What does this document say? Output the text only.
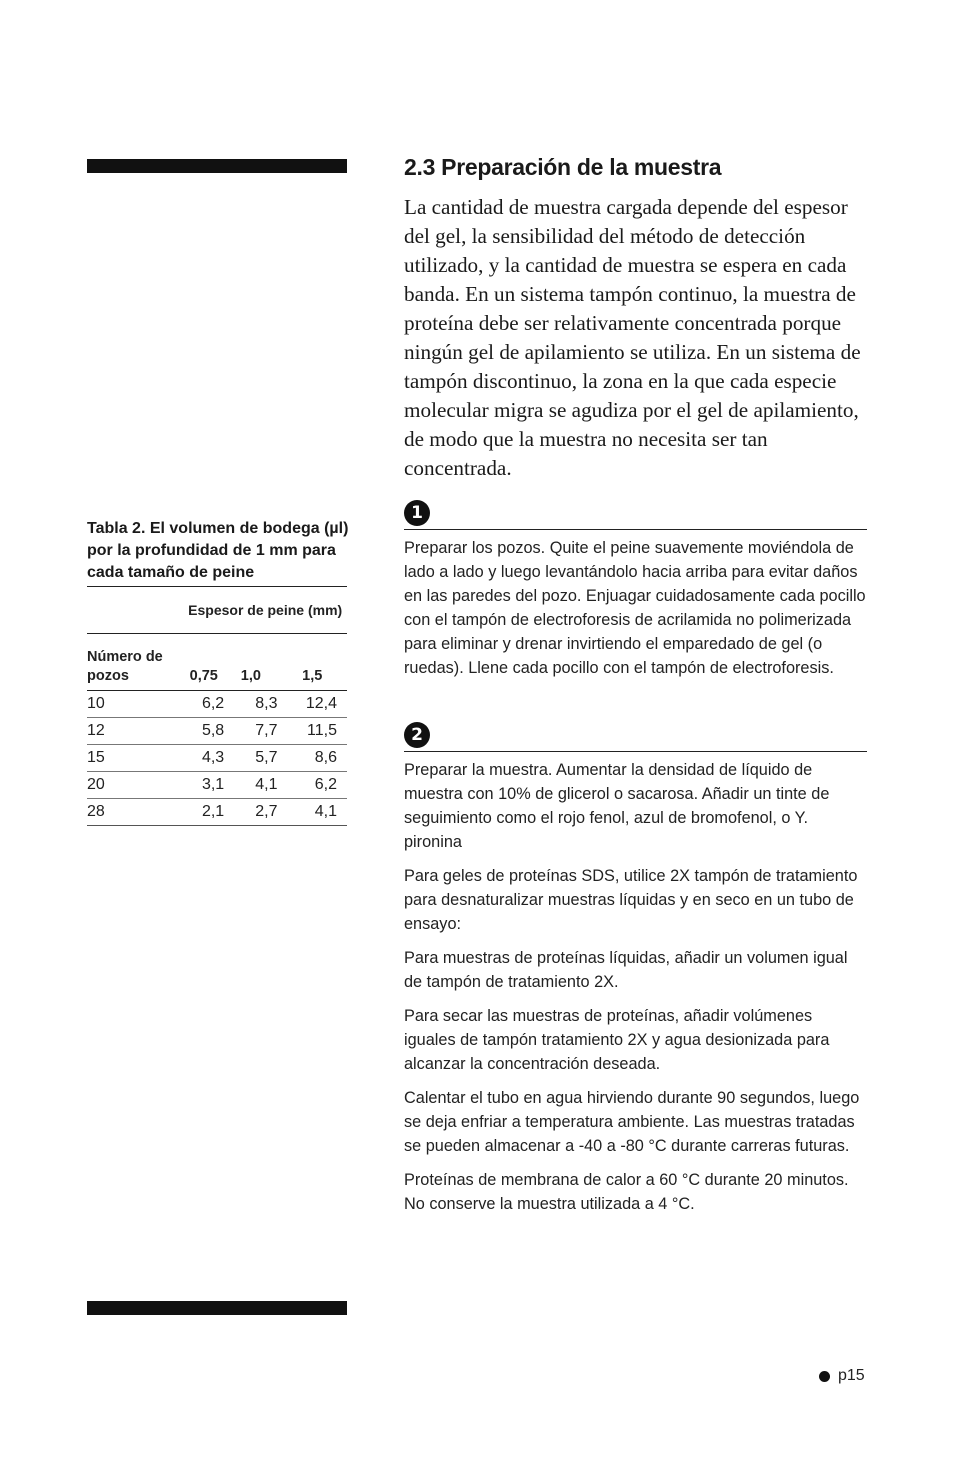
2.3 Preparación de la muestra

La cantidad de muestra cargada depende del espesor del gel, la sensibilidad del método de detección utilizado, y la cantidad de muestra se espera en cada banda. En un sistema tampón continuo, la muestra de proteína debe ser relativamente concentrada porque ningún gel de apilamiento se utiliza. En un sistema de tampón discontinuo, la zona en la que cada especie molecular migra se agudiza por el gel de apilamiento, de modo que la muestra no necesita ser tan concentrada.

1

Preparar los pozos. Quite el peine suavemente moviéndola de lado a lado y luego levantándolo hacia arriba para evitar daños en las paredes del pozo. Enjuagar cuidadosamente cada pocillo con el tampón de electroforesis de acrilamida no polimerizada para eliminar y drenar invirtiendo el emparedado de gel (o ruedas). Llene cada pocillo con el tampón de electroforesis.

2

Preparar la muestra. Aumentar la densidad de líquido de muestra con 10% de glicerol o sacarosa. Añadir un tinte de seguimiento como el rojo fenol, azul de bromofenol, o Y. pironina

Para geles de proteínas SDS, utilice 2X tampón de tratamiento para desnaturalizar muestras líquidas y en seco en un tubo de ensayo:

Para muestras de proteínas líquidas, añadir un volumen igual de tampón de tratamiento 2X.

Para secar las muestras de proteínas, añadir volúmenes iguales de tampón tratamiento 2X y agua desionizada para alcanzar la concentración deseada.

Calentar el tubo en agua hirviendo durante 90 segundos, luego se deja enfriar a temperatura ambiente. Las muestras tratadas se pueden almacenar a -40 a -80 °C durante carreras futuras.

Proteínas de membrana de calor a 60 °C durante 20 minutos. No conserve la muestra utilizada a 4 °C.

Tabla 2. El volumen de bodega (µl) por la profundidad de 1 mm para cada tamaño de peine

	Espesor de peine (mm)		
Número de pozos	0,75	1,0	1,5
10	6,2	8,3	12,4
12	5,8	7,7	11,5
15	4,3	5,7	8,6
20	3,1	4,1	6,2
28	2,1	2,7	4,1
p15
